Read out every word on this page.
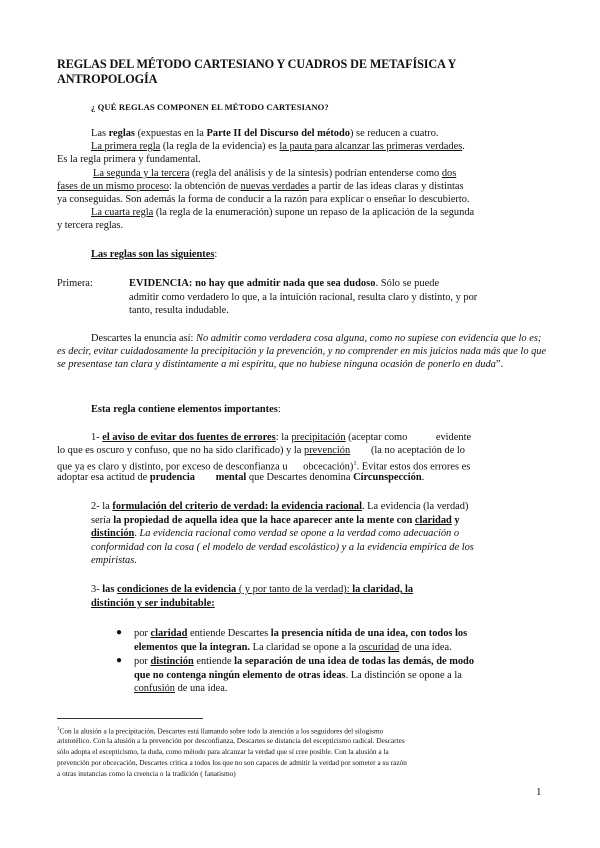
REGLAS DEL MÉTODO CARTESIANO Y CUADROS DE METAFÍSICA Y ANTROPOLOGÍA
¿ QUÉ REGLAS COMPONEN EL MÉTODO CARTESIANO?
Las reglas (expuestas en la Parte II del Discurso del método) se reducen a cuatro.
La primera regla (la regla de la evidencia) es la pauta para alcanzar las primeras verdades.
Es la regla primera y fundamental.
La segunda y la tercera (regla del análisis y de la síntesis) podrían entenderse como dos
fases de un mismo proceso: la obtención de nuevas verdades a partir de las ideas claras y distintas
ya conseguidas. Son además la forma de conducir a la razón para explicar o enseñar lo descubierto.
La cuarta regla (la regla de la enumeración) supone un repaso de la aplicación de la segunda
y tercera reglas.
Las reglas son las siguientes:
Primera:	EVIDENCIA: no hay que admitir nada que sea dudoso. Sólo se puede
admitir como verdadero lo que, a la intuición racional, resulta claro y distinto, y por
tanto, resulta indudable.
Descartes la enuncia así: No admitir como verdadera cosa alguna, como no supiese con evidencia que lo es; es decir, evitar cuidadosamente la precipitación y la prevención, y no comprender en mis juicios nada más que lo que se presentase tan clara y distintamente a mi espíritu, que no hubiese ninguna ocasión de ponerlo en duda”.
Esta regla contiene elementos importantes:
1- el aviso de evitar dos fuentes de errores: la precipitación (aceptar como           evidente
lo que es oscuro y confuso, que no ha sido clarificado) y la prevención        (la no aceptación de lo
que ya es claro y distinto, por exceso de desconfianza u      obcecación)$^1$. Evitar estos dos errores es
adoptar esa actitud de prudencia mental que Descartes denomina Circunspección.
2- la formulación del criterio de verdad: la evidencia racional. La evidencia (la verdad)
sería la propiedad de aquella idea que la hace aparecer ante la mente con claridad y
distinción. La evidencia racional como verdad se opone a la verdad como adecuación o
conformidad con la cosa ( el modelo de verdad escolástico) y a la evidencia empírica de los
empiristas.
3- las condiciones de la evidencia ( y por tanto de la verdad): la claridad, la
distinción y ser indubitable:
● por claridad entiende Descartes la presencia nítida de una idea, con todos los
elementos que la integran. La claridad se opone a la oscuridad de una idea.
● por distinción entiende la separación de una idea de todas las demás, de modo
que no contenga ningún elemento de otras ideas. La distinción se opone a la
confusión de una idea.
$^1$Con la alusión a la precipitación, Descartes está llamando sobre todo la atención a los seguidores del silogismo
aristotélico. Con la alusión a la prevención por desconfianza, Descartes se distancia del escepticismo radical. Descartes
sólo adopta el escepticismo, la duda, como método para alcanzar la verdad que sí cree posible. Con la alusión a la
prevención por obcecación, Descartes critica a todos los que no son capaces de admitir la verdad por someter a su razón
a otras instancias como la creencia o la tradición ( fanatismo)
1
